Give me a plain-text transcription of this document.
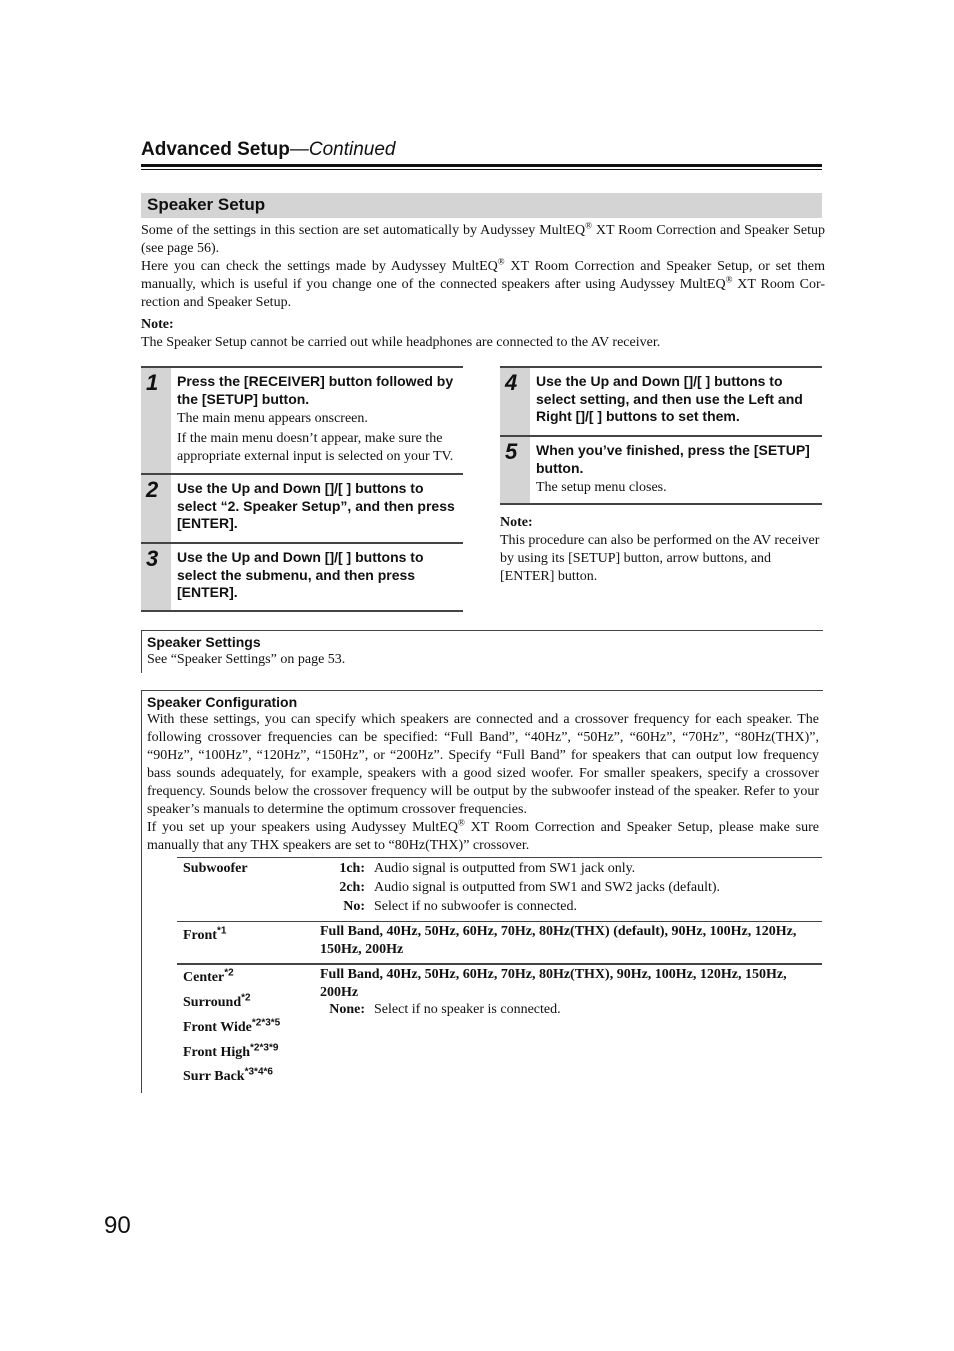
Advanced Setup—Continued
Speaker Setup

Some of the settings in this section are set automatically by Audyssey MultEQ® XT Room Correction and Speaker Setup (see page 56).

Here you can check the settings made by Audyssey MultEQ® XT Room Correction and Speaker Setup, or set them manually, which is useful if you change one of the connected speakers after using Audyssey MultEQ® XT Room Cor- rection and Speaker Setup.

Note:

The Speaker Setup cannot be carried out while headphones are connected to the AV receiver.

1 Press the [RECEIVER] button followed by the [SETUP] button.
The main menu appears onscreen.
If the main menu doesn’t appear, make sure the appropriate external input is selected on your TV.
2 Use the Up and Down []/[ ] buttons to select “2. Speaker Setup”, and then press [ENTER].
3 Use the Up and Down []/[ ] buttons to select the submenu, and then press [ENTER].
4 Use the Up and Down []/[ ] buttons to select setting, and then use the Left and Right []/[ ] buttons to set them.
5 When you’ve finished, press the [SETUP] button.
The setup menu closes.
Note:
This procedure can also be performed on the AV receiver by using its [SETUP] button, arrow buttons, and [ENTER] button.
Speaker Settings
See “Speaker Settings” on page 53.
Speaker Configuration
With these settings, you can specify which speakers are connected and a crossover frequency for each speaker. The following crossover frequencies can be specified: “Full Band”, “40Hz”, “50Hz”, “60Hz”, “70Hz”, “80Hz(THX)”, “90Hz”, “100Hz”, “120Hz”, “150Hz”, or “200Hz”. Specify “Full Band” for speakers that can output low frequency bass sounds adequately, for example, speakers with a good sized woofer. For smaller speakers, specify a crossover frequency. Sounds below the crossover frequency will be output by the subwoofer instead of the speaker. Refer to your speaker’s manuals to determine the optimum crossover frequencies.
If you set up your speakers using Audyssey MultEQ® XT Room Correction and Speaker Setup, please make sure manually that any THX speakers are set to “80Hz(THX)” crossover.
Subwoofer	1ch: Audio signal is outputted from SW1 jack only.
2ch: Audio signal is outputted from SW1 and SW2 jacks (default).
No: Select if no subwoofer is connected.
Front$^{*1}$	Full Band, 40Hz, 50Hz, 60Hz, 70Hz, 80Hz(THX) (default), 90Hz, 100Hz, 120Hz, 150Hz, 200Hz
Center$^{*2}$
Surround$^{*2}$
Front Wide$^{*2*3*5}$
Front High$^{*2*3*9}$
Surr Back$^{*3*4*6}$
Full Band, 40Hz, 50Hz, 60Hz, 70Hz, 80Hz(THX), 90Hz, 100Hz, 120Hz, 150Hz, 200Hz
None: Select if no speaker is connected.
90
